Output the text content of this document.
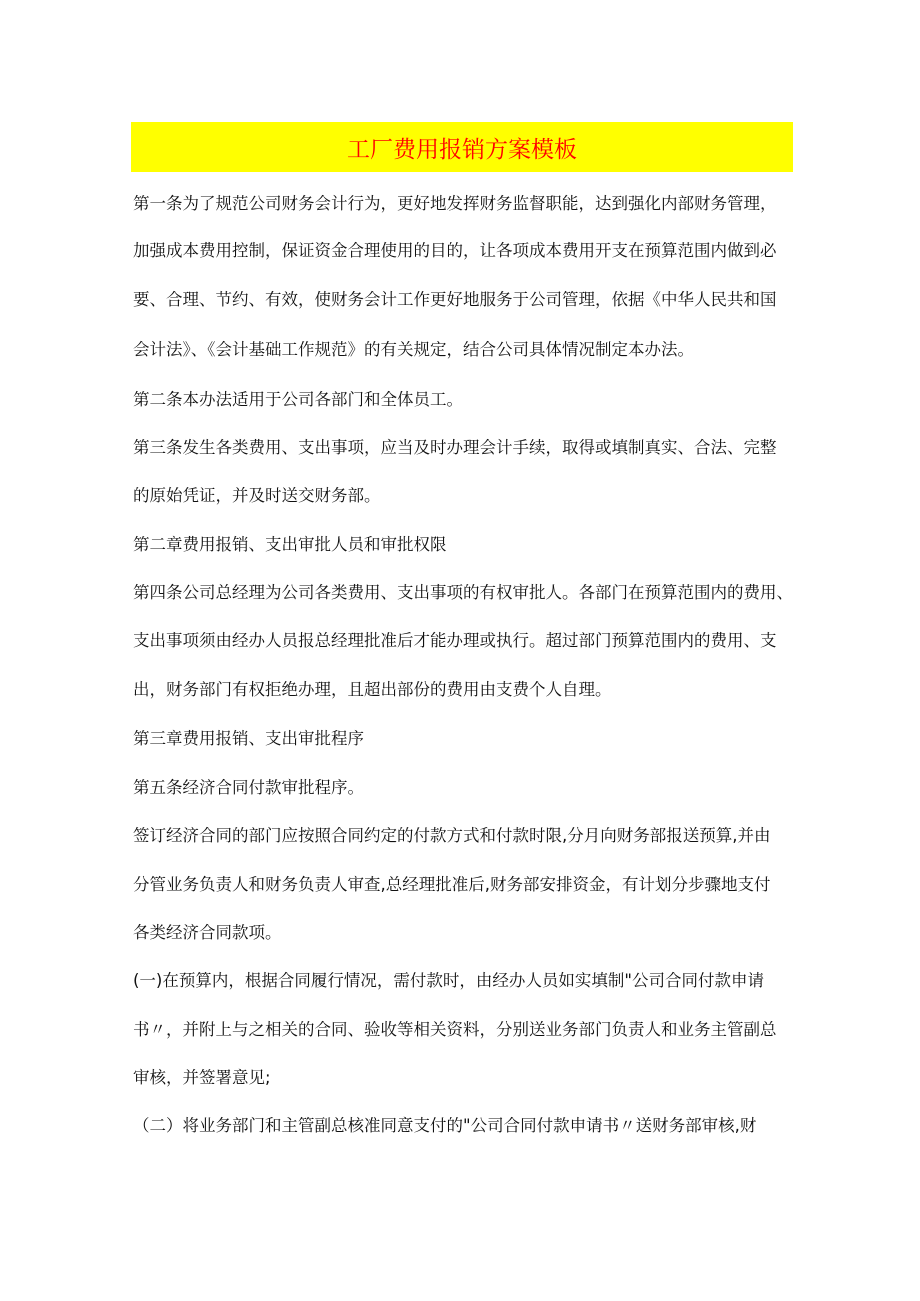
工厂费用报销方案模板
第一条为了规范公司财务会计行为，更好地发挥财务监督职能，达到强化内部财务管理，
加强成本费用控制，保证资金合理使用的目的，让各项成本费用开支在预算范围内做到必
要、合理、节约、有效，使财务会计工作更好地服务于公司管理，依据《中华人民共和国
会计法》、《会计基础工作规范》的有关规定，结合公司具体情况制定本办法。
第二条本办法适用于公司各部门和全体员工。
第三条发生各类费用、支出事项，应当及时办理会计手续，取得或填制真实、合法、完整
的原始凭证，并及时送交财务部。
第二章费用报销、支出审批人员和审批权限
第四条公司总经理为公司各类费用、支出事项的有权审批人。各部门在预算范围内的费用、
支出事项须由经办人员报总经理批准后才能办理或执行。超过部门预算范围内的费用、支
出，财务部门有权拒绝办理，且超出部份的费用由支费个人自理。
第三章费用报销、支出审批程序
第五条经济合同付款审批程序。
签订经济合同的部门应按照合同约定的付款方式和付款时限,分月向财务部报送预算,并由
分管业务负责人和财务负责人审查,总经理批准后,财务部安排资金，有计划分步骤地支付
各类经济合同款项。
(一)在预算内，根据合同履行情况，需付款时，由经办人员如实填制"公司合同付款申请
书〃，并附上与之相关的合同、验收等相关资料，分别送业务部门负责人和业务主管副总
审核，并签署意见;
（二）将业务部门和主管副总核准同意支付的"公司合同付款申请书〃送财务部审核,财
